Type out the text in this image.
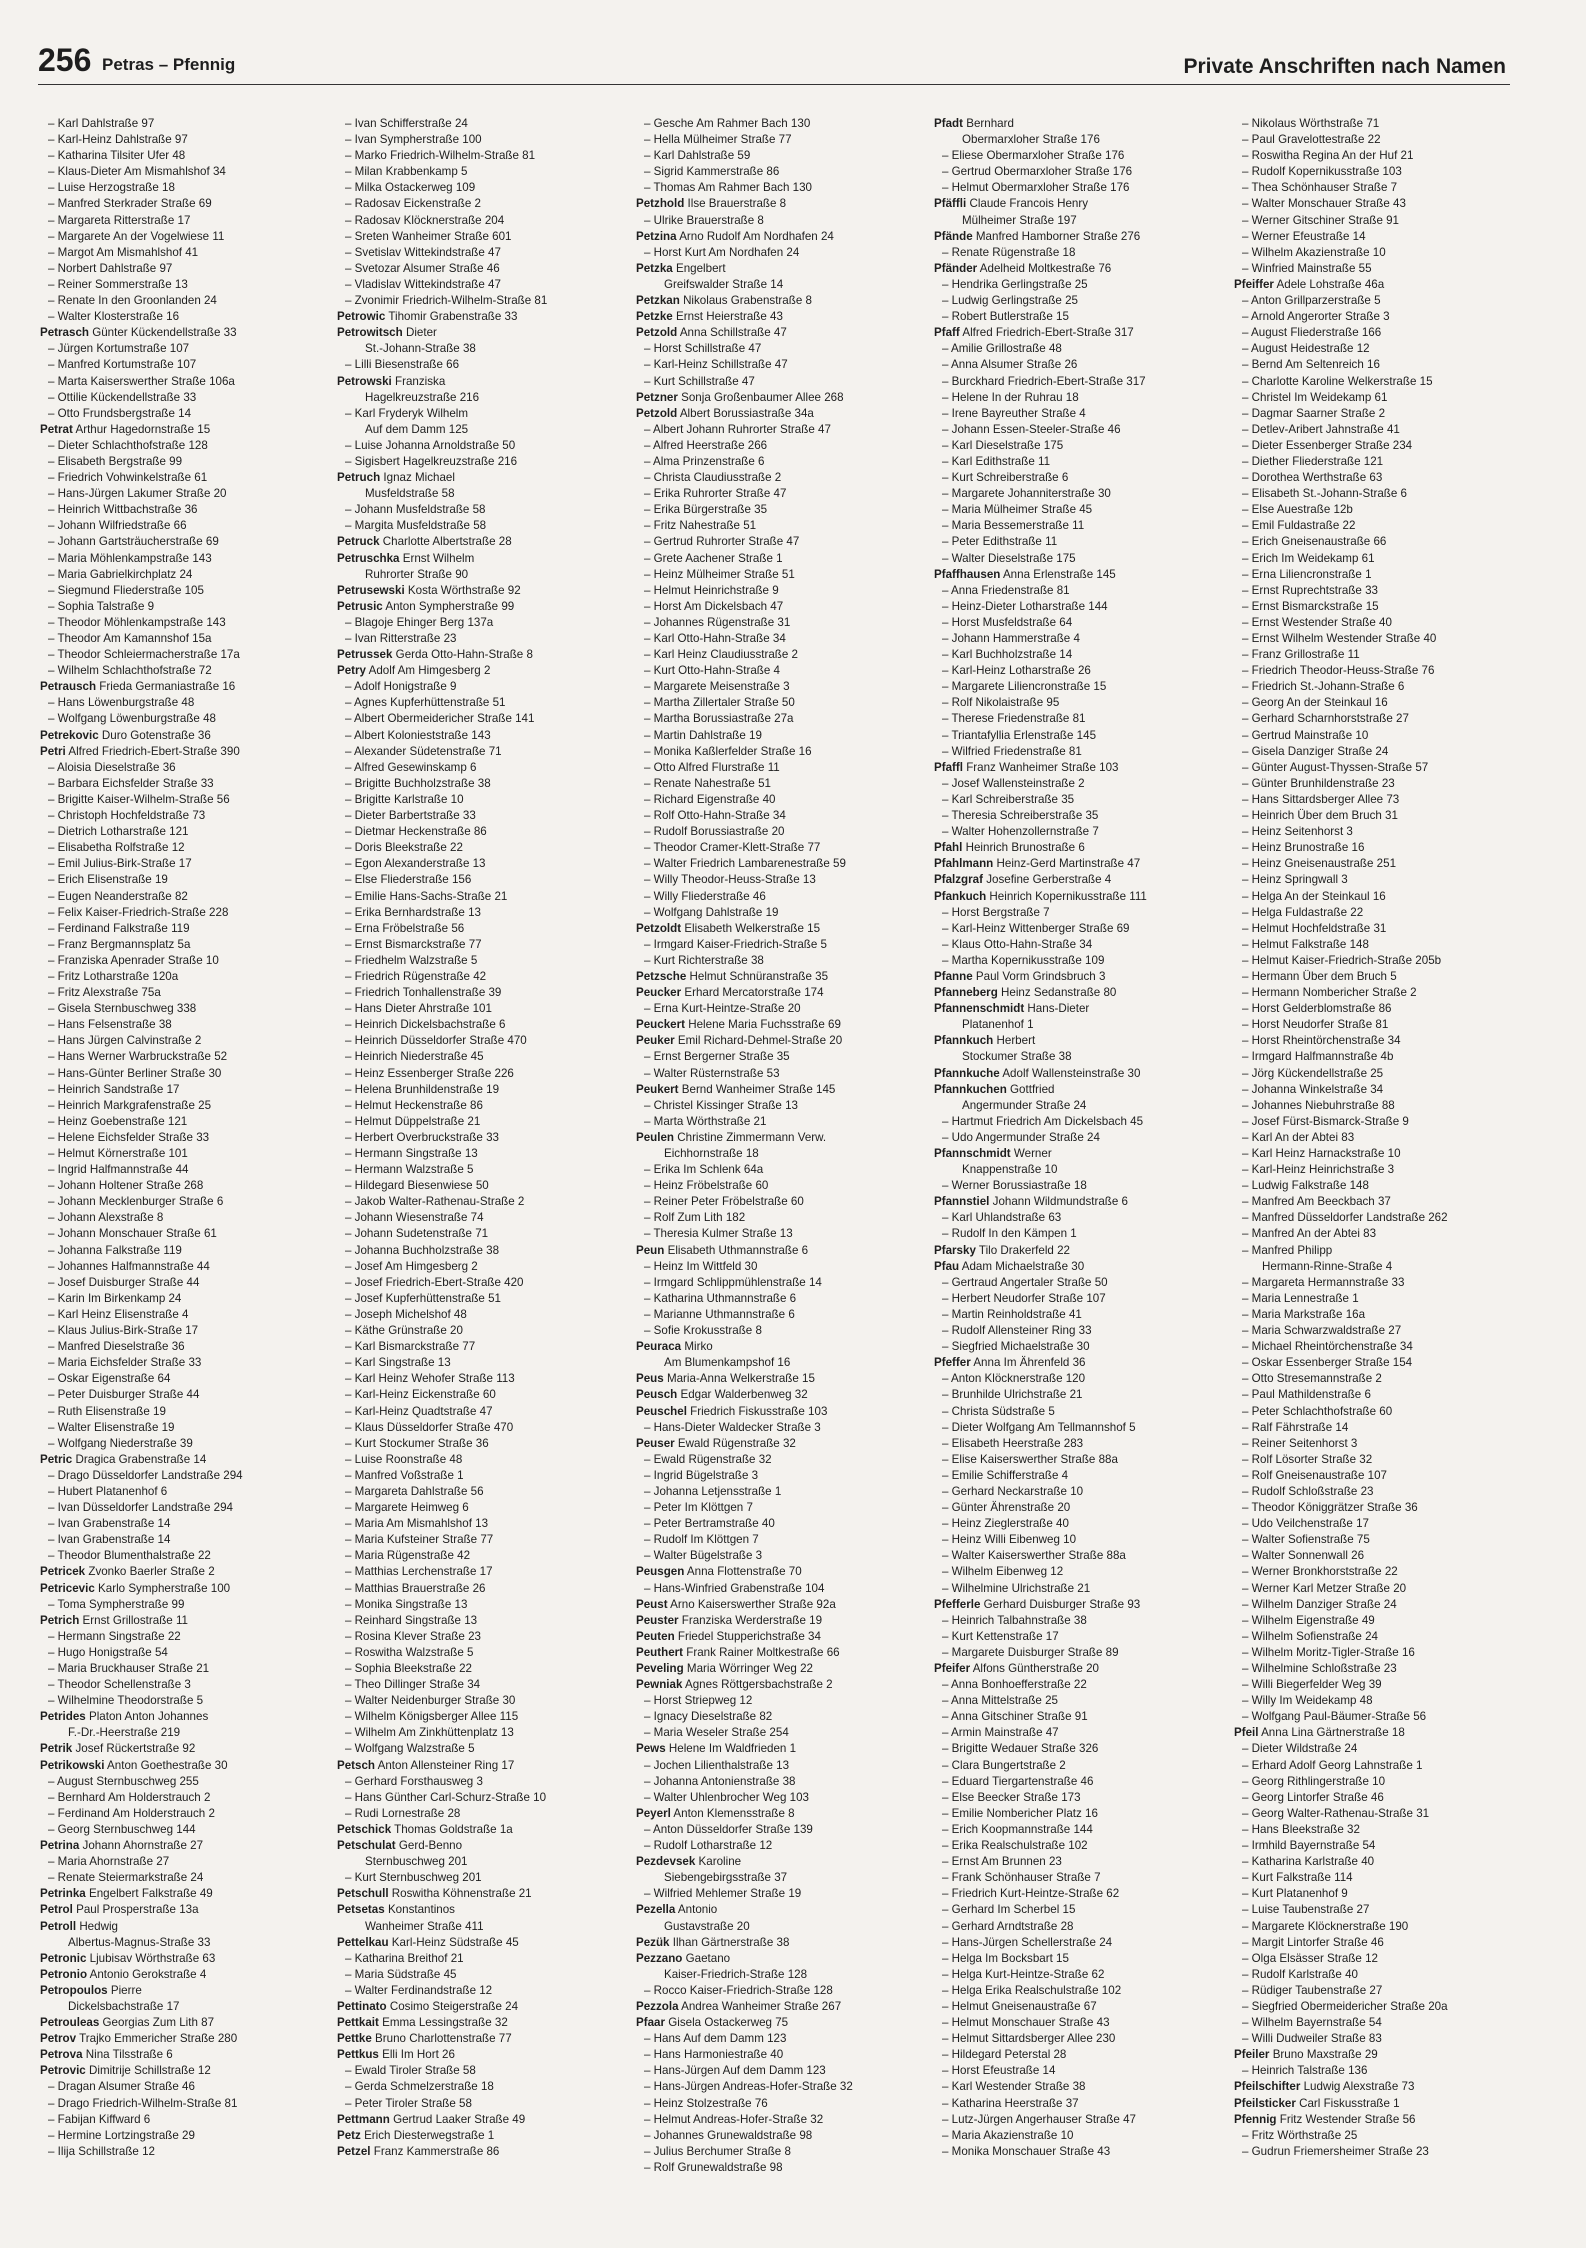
256 Petras – Pfennig	Private Anschriften nach Namen
– Karl Dahlstraße 97
– Karl-Heinz Dahlstraße 97
– Katharina Tilsiter Ufer 48
– Klaus-Dieter Am Mismahlshof 34
– Luise Herzogstraße 18
– Manfred Sterkrader Straße 69
– Margareta Ritterstraße 17
– Margarete An der Vogelwiese 11
– Margot Am Mismahlshof 41
– Norbert Dahlstraße 97
– Reiner Sommerstraße 13
– Renate In den Groonlanden 24
– Walter Klosterstraße 16
Petrasch Günter Kückendellstraße 33
– Jürgen Kortumstraße 107
– Manfred Kortumstraße 107
– Marta Kaiserswerther Straße 106a
– Ottilie Kückendellstraße 33
– Otto Frundsbergstraße 14
Petrat Arthur Hagedornstraße 15
– Dieter Schlachthofstraße 128
– Elisabeth Bergstraße 99
– Friedrich Vohwinkelstraße 61
– Hans-Jürgen Lakumer Straße 20
– Heinrich Wittbachstraße 36
– Johann Wilfriedstraße 66
– Johann Gartsträucherstraße 69
– Maria Möhlenkampstraße 143
– Maria Gabrielkirchplatz 24
– Siegmund Fliederstraße 105
– Sophia Talstraße 9
– Theodor Möhlenkampstraße 143
– Theodor Am Kamannshof 15a
– Theodor Schleiermacherstraße 17a
– Wilhelm Schlachthofstraße 72
Petrausch Frieda Germaniastraße 16
– Hans Löwenburgstraße 48
– Wolfgang Löwenburgstraße 48
Petrekovic Duro Gotenstraße 36
Petri Alfred Friedrich-Ebert-Straße 390
– Aloisia Dieselstraße 36
– Barbara Eichsfelder Straße 33
– Brigitte Kaiser-Wilhelm-Straße 56
– Christoph Hochfeldstraße 73
– Dietrich Lotharstraße 121
– Elisabetha Rolfstraße 12
– Emil Julius-Birk-Straße 17
– Erich Elisenstraße 19
– Eugen Neanderstraße 82
– Felix Kaiser-Friedrich-Straße 228
– Ferdinand Falkstraße 119
– Franz Bergmannsplatz 5a
– Franziska Apenrader Straße 10
– Fritz Lotharstraße 120a
– Fritz Alexstraße 75a
– Gisela Sternbuschweg 338
– Hans Felsenstraße 38
– Hans Jürgen Calvinstraße 2
– Hans Werner Warbruckstraße 52
– Hans-Günter Berliner Straße 30
– Heinrich Sandstraße 17
– Heinrich Markgrafenstraße 25
– Heinz Goebenstraße 121
– Helene Eichsfelder Straße 33
– Helmut Körnerstraße 101
– Ingrid Halfmannstraße 44
– Johann Holtener Straße 268
– Johann Mecklenburger Straße 6
– Johann Alexstraße 8
– Johann Monschauer Straße 61
– Johanna Falkstraße 119
– Johannes Halfmannstraße 44
– Josef Duisburger Straße 44
– Karin Im Birkenkamp 24
– Karl Heinz Elisenstraße 4
– Klaus Julius-Birk-Straße 17
– Manfred Dieselstraße 36
– Maria Eichsfelder Straße 33
– Oskar Eigenstraße 64
– Peter Duisburger Straße 44
– Ruth Elisenstraße 19
– Walter Elisenstraße 19
– Wolfgang Niederstraße 39
Petric Dragica Grabenstraße 14
– Drago Düsseldorfer Landstraße 294
– Hubert Platanenhof 6
– Ivan Düsseldorfer Landstraße 294
– Ivan Grabenstraße 14
– Ivan Grabenstraße 14
– Theodor Blumenthalstraße 22
Petricek Zvonko Baerler Straße 2
Petricevic Karlo Sympherstraße 100
– Toma Sympherstraße 99
Petrich Ernst Grillostraße 11
– Hermann Singstraße 22
– Hugo Honigstraße 54
– Maria Bruckhauser Straße 21
– Theodor Schellenstraße 3
– Wilhelmine Theodorstraße 5
Petrides Platon Anton Johannes
F.-Dr.-Heerstraße 219
Petrik Josef Rückertstraße 92
Petrikowski Anton Goethestraße 30
– August Sternbuschweg 255
– Bernhard Am Holderstrauch 2
– Ferdinand Am Holderstrauch 2
– Georg Sternbuschweg 144
Petrina Johann Ahornstraße 27
– Maria Ahornstraße 27
– Renate Steiermarkstraße 24
Petrinka Engelbert Falkstraße 49
Petrol Paul Prosperstraße 13a
Petroll Hedwig
Albertus-Magnus-Straße 33
Petronic Ljubisav Wörthstraße 63
Petronio Antonio Gerokstraße 4
Petropoulos Pierre
Dickelsbachstraße 17
Petrouleas Georgias Zum Lith 87
Petrov Trajko Emmericher Straße 280
Petrova Nina Tilsstraße 6
Petrovic Dimitrije Schillstraße 12
– Dragan Alsumer Straße 46
– Drago Friedrich-Wilhelm-Straße 81
– Fabijan Kiffward 6
– Hermine Lortzingstraße 29
– Ilija Schillstraße 12
– Ivan Schifferstraße 24
– Ivan Sympherstraße 100
– Marko Friedrich-Wilhelm-Straße 81
– Milan Krabbenkamp 5
– Milka Ostackerweg 109
– Radosav Eickenstraße 2
– Radosav Klöcknerstraße 204
– Sreten Wanheimer Straße 601
– Svetislav Wittekindstraße 47
– Svetozar Alsumer Straße 46
– Vladislav Wittekindstraße 47
– Zvonimir Friedrich-Wilhelm-Straße 81
Petrowic Tihomir Grabenstraße 33
Petrowitsch Dieter
St.-Johann-Straße 38
– Lilli Biesenstraße 66
Petrowski Franziska
Hagelkreuzstraße 216
– Karl Fryderyk Wilhelm
Auf dem Damm 125
– Luise Johanna Arnoldstraße 50
– Sigisbert Hagelkreuzstraße 216
Petruch Ignaz Michael
Musfeldstraße 58
– Johann Musfeldstraße 58
– Margita Musfeldstraße 58
Petruck Charlotte Albertstraße 28
Petruschka Ernst Wilhelm
Ruhrorter Straße 90
Petrusewski Kosta Wörthstraße 92
Petrusic Anton Sympherstraße 99
– Blagoje Ehinger Berg 137a
– Ivan Ritterstraße 23
Petrussek Gerda Otto-Hahn-Straße 8
Petry Adolf Am Himgesberg 2
– Adolf Honigstraße 9
– Agnes Kupferhüttenstraße 51
– Albert Obermeidericher Straße 141
– Albert Kolonieststraße 143
– Alexander Südetenstraße 71
– Alfred Gesewinskamp 6
– Brigitte Buchholzstraße 38
– Brigitte Karlstraße 10
– Dieter Barbertstraße 33
– Dietmar Heckenstraße 86
– Doris Bleekstraße 22
– Egon Alexanderstraße 13
– Else Fliederstraße 156
– Emilie Hans-Sachs-Straße 21
– Erika Bernhardstraße 13
– Erna Fröbelstraße 56
– Ernst Bismarckstraße 77
– Friedhelm Walzstraße 5
– Friedrich Rügenstraße 42
– Friedrich Tonhallenstraße 39
– Hans Dieter Ahrstraße 101
– Heinrich Dickelsbachstraße 6
– Heinrich Düsseldorfer Straße 470
– Heinrich Niederstraße 45
– Heinz Essenberger Straße 226
– Helena Brunhildenstraße 19
– Helmut Heckenstraße 86
– Helmut Düppelstraße 21
– Herbert Overbruckstraße 33
– Hermann Singstraße 13
– Hermann Walzstraße 5
– Hildegard Biesenwiese 50
– Jakob Walter-Rathenau-Straße 2
– Johann Wiesenstraße 74
– Johann Sudetenstraße 71
– Johanna Buchholzstraße 38
– Josef Am Himgesberg 2
– Josef Friedrich-Ebert-Straße 420
– Josef Kupferhüttenstraße 51
– Joseph Michelshof 48
– Käthe Grünstraße 20
– Karl Bismarckstraße 77
– Karl Singstraße 13
– Karl Heinz Wehofer Straße 113
– Karl-Heinz Eickenstraße 60
– Karl-Heinz Quadtstraße 47
– Klaus Düsseldorfer Straße 470
– Kurt Stockumer Straße 36
– Luise Roonstraße 48
– Manfred Voßstraße 1
– Margareta Dahlstraße 56
– Margarete Heimweg 6
– Maria Am Mismahlshof 13
– Maria Kufsteiner Straße 77
– Maria Rügenstraße 42
– Matthias Lerchenstraße 17
– Matthias Brauerstraße 26
– Monika Singstraße 13
– Reinhard Singstraße 13
– Rosina Klever Straße 23
– Roswitha Walzstraße 5
– Sophia Bleekstraße 22
– Theo Dillinger Straße 34
– Walter Neidenburger Straße 30
– Wilhelm Königsberger Allee 115
– Wilhelm Am Zinkhüttenplatz 13
– Wolfgang Walzstraße 5
Petsch Anton Allensteiner Ring 17
– Gerhard Forsthausweg 3
– Hans Günther Carl-Schurz-Straße 10
– Rudi Lornestraße 28
Petschick Thomas Goldstraße 1a
Petschulat Gerd-Benno
Sternbuschweg 201
– Kurt Sternbuschweg 201
Petschull Roswitha Köhnenstraße 21
Petsetas Konstantinos
Wanheimer Straße 411
Pettelkau Karl-Heinz Südstraße 45
– Katharina Breithof 21
– Maria Südstraße 45
– Walter Ferdinandstraße 12
Pettinato Cosimo Steigerstraße 24
Pettkait Emma Lessingstraße 32
Pettke Bruno Charlottenstraße 77
Pettkus Elli Im Hort 26
– Ewald Tiroler Straße 58
– Gerda Schmelzerstraße 18
– Peter Tiroler Straße 58
Pettmann Gertrud Laaker Straße 49
Petz Erich Diesterwegstraße 1
Petzel Franz Kammerstraße 86
– Gesche Am Rahmer Bach 130
– Hella Mülheimer Straße 77
– Karl Dahlstraße 59
– Sigrid Kammerstraße 86
– Thomas Am Rahmer Bach 130
Petzhold Ilse Brauerstraße 8
– Ulrike Brauerstraße 8
Petzina Arno Rudolf Am Nordhafen 24
– Horst Kurt Am Nordhafen 24
Petzka Engelbert
Greifswalder Straße 14
Petzkan Nikolaus Grabenstraße 8
Petzke Ernst Heierstraße 43
Petzold Anna Schillstraße 47
– Horst Schillstraße 47
– Karl-Heinz Schillstraße 47
– Kurt Schillstraße 47
Petzner Sonja Großenbaumer Allee 268
Petzold Albert Borussiastraße 34a
– Albert Johann Ruhrorter Straße 47
– Alfred Heerstraße 266
– Alma Prinzenstraße 6
– Christa Claudiusstraße 2
– Erika Ruhrorter Straße 47
– Erika Bürgerstraße 35
– Fritz Nahestraße 51
– Gertrud Ruhrorter Straße 47
– Grete Aachener Straße 1
– Heinz Mülheimer Straße 51
– Helmut Heinrichstraße 9
– Horst Am Dickelsbach 47
– Johannes Rügenstraße 31
– Karl Otto-Hahn-Straße 34
– Karl Heinz Claudiusstraße 2
– Kurt Otto-Hahn-Straße 4
– Margarete Meisenstraße 3
– Martha Zillertaler Straße 50
– Martha Borussiastraße 27a
– Martin Dahlstraße 19
– Monika Kaßlerfelder Straße 16
– Otto Alfred Flurstraße 11
– Renate Nahestraße 51
– Richard Eigenstraße 40
– Rolf Otto-Hahn-Straße 34
– Rudolf Borussiastraße 20
– Theodor Cramer-Klett-Straße 77
– Walter Friedrich Lambarenestraße 59
– Willy Theodor-Heuss-Straße 13
– Willy Fliederstraße 46
– Wolfgang Dahlstraße 19
Petzoldt Elisabeth Welkerstraße 15
– Irmgard Kaiser-Friedrich-Straße 5
– Kurt Richterstraße 38
Petzsche Helmut Schnüranstraße 35
Peucker Erhard Mercatorstraße 174
– Erna Kurt-Heintze-Straße 20
Peuckert Helene Maria Fuchsstraße 69
Peuker Emil Richard-Dehmel-Straße 20
– Ernst Bergerner Straße 35
– Walter Rüsternstraße 53
Peukert Bernd Wanheimer Straße 145
– Christel Kissinger Straße 13
– Marta Wörthstraße 21
Peulen Christine Zimmermann Verw.
Eichhornstraße 18
– Erika Im Schlenk 64a
– Heinz Fröbelstraße 60
– Reiner Peter Fröbelstraße 60
– Rolf Zum Lith 182
– Theresia Kulmer Straße 13
Peun Elisabeth Uthmannstraße 6
– Heinz Im Wittfeld 30
– Irmgard Schlippmühlenstraße 14
– Katharina Uthmannstraße 6
– Marianne Uthmannstraße 6
– Sofie Krokusstraße 8
Peuraca Mirko
Am Blumenkampshof 16
Peus Maria-Anna Welkerstraße 15
Peusch Edgar Walderbenweg 32
Peuschel Friedrich Fiskusstraße 103
– Hans-Dieter Waldecker Straße 3
Peuser Ewald Rügenstraße 32
– Ewald Rügenstraße 32
– Ingrid Bügelstraße 3
– Johanna Letjensstraße 1
– Peter Im Klöttgen 7
– Peter Bertramstraße 40
– Rudolf Im Klöttgen 7
– Walter Bügelstraße 3
Peusgen Anna Flottenstraße 70
– Hans-Winfried Grabenstraße 104
Peust Arno Kaiserswerther Straße 92a
Peuster Franziska Werderstraße 19
Peuten Friedel Stupperichstraße 34
Peuthert Frank Rainer Moltkestraße 66
Peveling Maria Wörringer Weg 22
Pewniak Agnes Röttgersbachstraße 2
– Horst Striepweg 12
– Ignacy Dieselstraße 82
– Maria Weseler Straße 254
Pews Helene Im Waldfrieden 1
– Jochen Lilienthalstraße 13
– Johanna Antonienstraße 38
– Walter Uhlenbrocher Weg 103
Peyerl Anton Klemensstraße 8
– Anton Düsseldorfer Straße 139
– Rudolf Lotharstraße 12
Pezdevsek Karoline
Siebengebirgsstraße 37
– Wilfried Mehlemer Straße 19
Pezella Antonio
Gustavstraße 20
Pezük Ilhan Gärtnerstraße 38
Pezzano Gaetano
Kaiser-Friedrich-Straße 128
– Rocco Kaiser-Friedrich-Straße 128
Pezzola Andrea Wanheimer Straße 267
Pfaar Gisela Ostackerweg 75
– Hans Auf dem Damm 123
– Hans Harmoniestraße 40
– Hans-Jürgen Auf dem Damm 123
– Hans-Jürgen Andreas-Hofer-Straße 32
– Heinz Stolzestraße 76
– Helmut Andreas-Hofer-Straße 32
– Johannes Grunewaldstraße 98
– Julius Berchumer Straße 8
– Rolf Grunewaldstraße 98
Pfadt Bernhard
Obermarxloher Straße 176
– Eliese Obermarxloher Straße 176
– Gertrud Obermarxloher Straße 176
– Helmut Obermarxloher Straße 176
Pfäffli Claude Francois Henry
Mülheimer Straße 197
Pfände Manfred Hamborner Straße 276
– Renate Rügenstraße 18
Pfänder Adelheid Moltkestraße 76
– Hendrika Gerlingstraße 25
– Ludwig Gerlingstraße 25
– Robert Butlerstraße 15
Pfaff Alfred Friedrich-Ebert-Straße 317
– Amilie Grillostraße 48
– Anna Alsumer Straße 26
– Burckhard Friedrich-Ebert-Straße 317
– Helene In der Ruhrau 18
– Irene Bayreuther Straße 4
– Johann Essen-Steeler-Straße 46
– Karl Dieselstraße 175
– Karl Edithstraße 11
– Kurt Schreiberstraße 6
– Margarete Johanniterstraße 30
– Maria Mülheimer Straße 45
– Maria Bessemerstraße 11
– Peter Edithstraße 11
– Walter Dieselstraße 175
Pfaffhausen Anna Erlenstraße 145
– Anna Friedenstraße 81
– Heinz-Dieter Lotharstraße 144
– Horst Musfeldstraße 64
– Johann Hammerstraße 4
– Karl Buchholzstraße 14
– Karl-Heinz Lotharstraße 26
– Margarete Liliencronstraße 15
– Rolf Nikolaistraße 95
– Therese Friedenstraße 81
– Triantafyllia Erlenstraße 145
– Wilfried Friedenstraße 81
Pfaffl Franz Wanheimer Straße 103
– Josef Wallensteinstraße 2
– Karl Schreiberstraße 35
– Theresia Schreiberstraße 35
– Walter Hohenzollernstraße 7
Pfahl Heinrich Brunostraße 6
Pfahlmann Heinz-Gerd Martinstraße 47
Pfalzgraf Josefine Gerberstraße 4
Pfankuch Heinrich Kopernikusstraße 111
– Horst Bergstraße 7
– Karl-Heinz Wittenberger Straße 69
– Klaus Otto-Hahn-Straße 34
– Martha Kopernikusstraße 109
Pfanne Paul Vorm Grindsbruch 3
Pfanneberg Heinz Sedanstraße 80
Pfannenschmidt Hans-Dieter
Platanenhof 1
Pfannkuch Herbert
Stockumer Straße 38
Pfannkuche Adolf Wallensteinstraße 30
Pfannkuchen Gottfried
Angermunder Straße 24
– Hartmut Friedrich Am Dickelsbach 45
– Udo Angermunder Straße 24
Pfannschmidt Werner
Knappenstraße 10
– Werner Borussiastraße 18
Pfannstiel Johann Wildmundstraße 6
– Karl Uhlandstraße 63
– Rudolf In den Kämpen 1
Pfarsky Tilo Drakerfeld 22
Pfau Adam Michaelstraße 30
– Gertraud Angertaler Straße 50
– Herbert Neudorfer Straße 107
– Martin Reinholdstraße 41
– Rudolf Allensteiner Ring 33
– Siegfried Michaelstraße 30
Pfeffer Anna Im Ährenfeld 36
– Anton Klöcknerstraße 120
– Brunhilde Ulrichstraße 21
– Christa Südstraße 5
– Dieter Wolfgang Am Tellmannshof 5
– Elisabeth Heerstraße 283
– Elise Kaiserswerther Straße 88a
– Emilie Schifferstraße 4
– Gerhard Neckarstraße 10
– Günter Ährenstraße 20
– Heinz Zieglerstraße 40
– Heinz Willi Eibenweg 10
– Walter Kaiserswerther Straße 88a
– Wilhelm Eibenweg 12
– Wilhelmine Ulrichstraße 21
Pfefferle Gerhard Duisburger Straße 93
– Heinrich Talbahnstraße 38
– Kurt Kettenstraße 17
– Margarete Duisburger Straße 89
Pfeifer Alfons Güntherstraße 20
– Anna Bonhoefferstraße 22
– Anna Mittelstraße 25
– Anna Gitschiner Straße 91
– Armin Mainstraße 47
– Brigitte Wedauer Straße 326
– Clara Bungertstraße 2
– Eduard Tiergartenstraße 46
– Else Beecker Straße 173
– Emilie Nombericher Platz 16
– Erich Koopmannstraße 144
– Erika Realschulstraße 102
– Ernst Am Brunnen 23
– Frank Schönhauser Straße 7
– Friedrich Kurt-Heintze-Straße 62
– Gerhard Im Scherbel 15
– Gerhard Arndtstraße 28
– Hans-Jürgen Schellerstraße 24
– Helga Im Bocksbart 15
– Helga Kurt-Heintze-Straße 62
– Helga Erika Realschulstraße 102
– Helmut Gneisenaustraße 67
– Helmut Monschauer Straße 43
– Helmut Sittardsberger Allee 230
– Hildegard Peterstal 28
– Horst Efeustraße 14
– Karl Westender Straße 38
– Katharina Heerstraße 37
– Lutz-Jürgen Angerhauser Straße 47
– Maria Akazienstraße 10
– Monika Monschauer Straße 43
– Nikolaus Wörthstraße 71
– Paul Gravelottestraße 22
– Roswitha Regina An der Huf 21
– Rudolf Kopernikusstraße 103
– Thea Schönhauser Straße 7
– Walter Monschauer Straße 43
– Werner Gitschiner Straße 91
– Werner Efeustraße 14
– Wilhelm Akazienstraße 10
– Winfried Mainstraße 55
Pfeiffer Adele Lohstraße 46a
– Anton Grillparzerstraße 5
– Arnold Angerorter Straße 3
– August Fliederstraße 166
– August Heidestraße 12
– Bernd Am Seltenreich 16
– Charlotte Karoline Welkerstraße 15
– Christel Im Weidekamp 61
– Dagmar Saarner Straße 2
– Detlev-Aribert Jahnstraße 41
– Dieter Essenberger Straße 234
– Diether Fliederstraße 121
– Dorothea Werthstraße 63
– Elisabeth St.-Johann-Straße 6
– Else Auestraße 12b
– Emil Fuldastraße 22
– Erich Gneisenaustraße 66
– Erich Im Weidekamp 61
– Erna Liliencronstraße 1
– Ernst Ruprechtstraße 33
– Ernst Bismarckstraße 15
– Ernst Westender Straße 40
– Ernst Wilhelm Westender Straße 40
– Franz Grillostraße 11
– Friedrich Theodor-Heuss-Straße 76
– Friedrich St.-Johann-Straße 6
– Georg An der Steinkaul 16
– Gerhard Scharnhorststraße 27
– Gertrud Mainstraße 10
– Gisela Danziger Straße 24
– Günter August-Thyssen-Straße 57
– Günter Brunhildenstraße 23
– Hans Sittardsberger Allee 73
– Heinrich Über dem Bruch 31
– Heinz Seitenhorst 3
– Heinz Brunostraße 16
– Heinz Gneisenaustraße 251
– Heinz Springwall 3
– Helga An der Steinkaul 16
– Helga Fuldastraße 22
– Helmut Hochfeldstraße 31
– Helmut Falkstraße 148
– Helmut Kaiser-Friedrich-Straße 205b
– Hermann Über dem Bruch 5
– Hermann Nombericher Straße 2
– Horst Gelderblomstraße 86
– Horst Neudorfer Straße 81
– Horst Rheintörchenstraße 34
– Irmgard Halfmannstraße 4b
– Jörg Kückendellstraße 25
– Johanna Winkelstraße 34
– Johannes Niebuhrstraße 88
– Josef Fürst-Bismarck-Straße 9
– Karl An der Abtei 83
– Karl Heinz Harnackstraße 10
– Karl-Heinz Heinrichstraße 3
– Ludwig Falkstraße 148
– Manfred Am Beeckbach 37
– Manfred Düsseldorfer Landstraße 262
– Manfred An der Abtei 83
– Manfred Philipp
Hermann-Rinne-Straße 4
– Margareta Hermannstraße 33
– Maria Lennestraße 1
– Maria Markstraße 16a
– Maria Schwarzwaldstraße 27
– Michael Rheintörchenstraße 34
– Oskar Essenberger Straße 154
– Otto Stresemannstraße 2
– Paul Mathildenstraße 6
– Peter Schlachthofstraße 60
– Ralf Fährstraße 14
– Reiner Seitenhorst 3
– Rolf Lösorter Straße 32
– Rolf Gneisenaustraße 107
– Rudolf Schloßstraße 23
– Theodor Königgrätzer Straße 36
– Udo Veilchenstraße 17
– Walter Sofienstraße 75
– Walter Sonnenwall 26
– Werner Bronkhorststraße 22
– Werner Karl Metzer Straße 20
– Wilhelm Danziger Straße 24
– Wilhelm Eigenstraße 49
– Wilhelm Sofienstraße 24
– Wilhelm Moritz-Tigler-Straße 16
– Wilhelmine Schloßstraße 23
– Willi Biegerfelder Weg 39
– Willy Im Weidekamp 48
– Wolfgang Paul-Bäumer-Straße 56
Pfeil Anna Lina Gärtnerstraße 18
– Dieter Wildstraße 24
– Erhard Adolf Georg Lahnstraße 1
– Georg Rithlingerstraße 10
– Georg Lintorfer Straße 46
– Georg Walter-Rathenau-Straße 31
– Hans Bleekstraße 32
– Irmhild Bayernstraße 54
– Katharina Karlstraße 40
– Kurt Falkstraße 114
– Kurt Platanenhof 9
– Luise Taubenstraße 27
– Margarete Klöcknerstraße 190
– Margit Lintorfer Straße 46
– Olga Elsässer Straße 12
– Rudolf Karlstraße 40
– Rüdiger Taubenstraße 27
– Siegfried Obermeidericher Straße 20a
– Wilhelm Bayernstraße 54
– Willi Dudweiler Straße 83
Pfeiler Bruno Maxstraße 29
– Heinrich Talstraße 136
Pfeilschifter Ludwig Alexstraße 73
Pfeilsticker Carl Fiskusstraße 1
Pfennig Fritz Westender Straße 56
– Fritz Wörthstraße 25
– Gudrun Friemersheimer Straße 23
